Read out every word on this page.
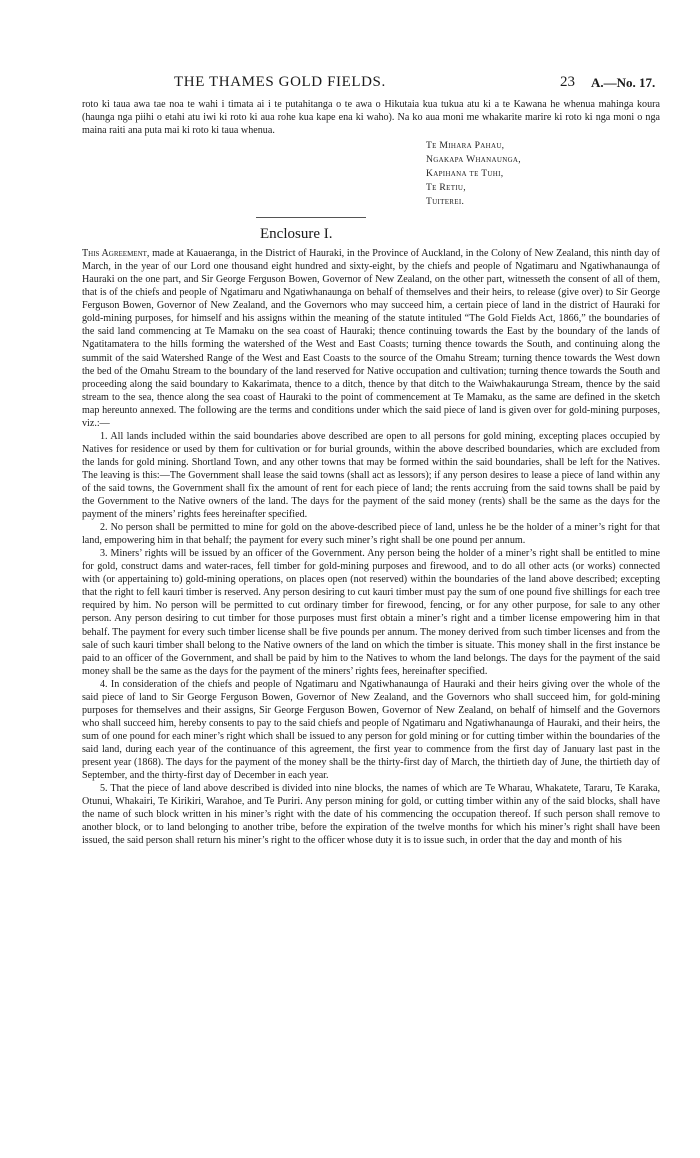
THE THAMES GOLD FIELDS.	23 A.—No. 17.

roto ki taua awa tae noa te wahi i timata ai i te putahitanga o te awa o Hikutaia kua tukua atu ki a te Kawana he whenua mahinga koura (haunga nga piihi o etahi atu iwi ki roto ki aua rohe kua kape ena ki waho). Na ko aua moni me whakarite marire ki roto ki nga moni o nga maina raiti ana puta mai ki roto ki taua whenua.

Te Mihara Pahau,
Ngakapa Whanaunga,
Kapihana te Tuhi,
Te Retiu,
Tuiterei.
Enclosure I.

This Agreement, made at Kauaeranga, in the District of Hauraki, in the Province of Auckland, in the Colony of New Zealand, this ninth day of March, in the year of our Lord one thousand eight hundred and sixty-eight, by the chiefs and people of Ngatimaru and Ngatiwhanaunga of Hauraki on the one part, and Sir George Ferguson Bowen, Governor of New Zealand, on the other part, witnesseth the consent of all of them, that is of the chiefs and people of Ngatimaru and Ngatiwhanaunga on behalf of themselves and their heirs, to release (give over) to Sir George Ferguson Bowen, Governor of New Zealand, and the Governors who may succeed him, a certain piece of land in the district of Hauraki for gold-mining purposes, for himself and his assigns within the meaning of the statute intituled “The Gold Fields Act, 1866,” the boundaries of the said land commencing at Te Mamaku on the sea coast of Hauraki; thence continuing towards the East by the boundary of the lands of Ngatitamatera to the hills forming the watershed of the West and East Coasts; turning thence towards the South, and continuing along the summit of the said Watershed Range of the West and East Coasts to the source of the Omahu Stream; turning thence towards the West down the bed of the Omahu Stream to the boundary of the land reserved for Native occupation and cultivation; turning thence towards the South and proceeding along the said boundary to Kakarimata, thence to a ditch, thence by that ditch to the Waiwhakaurunga Stream, thence by the said stream to the sea, thence along the sea coast of Hauraki to the point of commencement at Te Mamaku, as the same are defined in the sketch map hereunto annexed. The following are the terms and conditions under which the said piece of land is given over for gold-mining purposes, viz.:—

1. All lands included within the said boundaries above described are open to all persons for gold mining, excepting places occupied by Natives for residence or used by them for cultivation or for burial grounds, within the above described boundaries, which are excluded from the lands for gold mining. Shortland Town, and any other towns that may be formed within the said boundaries, shall be left for the Natives. The leaving is this:—The Government shall lease the said towns (shall act as lessors); if any person desires to lease a piece of land within any of the said towns, the Government shall fix the amount of rent for each piece of land; the rents accruing from the said towns shall be paid by the Government to the Native owners of the land. The days for the payment of the said money (rents) shall be the same as the days for the payment of the miners’ rights fees hereinafter specified.

2. No person shall be permitted to mine for gold on the above-described piece of land, unless he be the holder of a miner’s right for that land, empowering him in that behalf; the payment for every such miner’s right shall be one pound per annum.

3. Miners’ rights will be issued by an officer of the Government. Any person being the holder of a miner’s right shall be entitled to mine for gold, construct dams and water-races, fell timber for gold-mining purposes and firewood, and to do all other acts (or works) connected with (or appertaining to) gold-mining operations, on places open (not reserved) within the boundaries of the land above described; excepting that the right to fell kauri timber is reserved. Any person desiring to cut kauri timber must pay the sum of one pound five shillings for each tree required by him. No person will be permitted to cut ordinary timber for firewood, fencing, or for any other purpose, for sale to any other person. Any person desiring to cut timber for those purposes must first obtain a miner’s right and a timber license empowering him in that behalf. The payment for every such timber license shall be five pounds per annum. The money derived from such timber licenses and from the sale of such kauri timber shall belong to the Native owners of the land on which the timber is situate. This money shall in the first instance be paid to an officer of the Government, and shall be paid by him to the Natives to whom the land belongs. The days for the payment of the said money shall be the same as the days for the payment of the miners’ rights fees, hereinafter specified.

4. In consideration of the chiefs and people of Ngatimaru and Ngatiwhanaunga of Hauraki and their heirs giving over the whole of the said piece of land to Sir George Ferguson Bowen, Governor of New Zealand, and the Governors who shall succeed him, for gold-mining purposes for themselves and their assigns, Sir George Ferguson Bowen, Governor of New Zealand, on behalf of himself and the Governors who shall succeed him, hereby consents to pay to the said chiefs and people of Ngatimaru and Ngatiwhanaunga of Hauraki, and their heirs, the sum of one pound for each miner’s right which shall be issued to any person for gold mining or for cutting timber within the boundaries of the said land, during each year of the continuance of this agreement, the first year to commence from the first day of January last past in the present year (1868). The days for the payment of the money shall be the thirty-first day of March, the thirtieth day of June, the thirtieth day of September, and the thirty-first day of December in each year.

5. That the piece of land above described is divided into nine blocks, the names of which are Te Wharau, Whakatete, Tararu, Te Karaka, Otunui, Whakairi, Te Kirikiri, Warahoe, and Te Puriri. Any person mining for gold, or cutting timber within any of the said blocks, shall have the name of such block written in his miner’s right with the date of his commencing the occupation thereof. If such person shall remove to another block, or to land belonging to another tribe, before the expiration of the twelve months for which his miner’s right shall have been issued, the said person shall return his miner’s right to the officer whose duty it is to issue such, in order that the day and month of his
